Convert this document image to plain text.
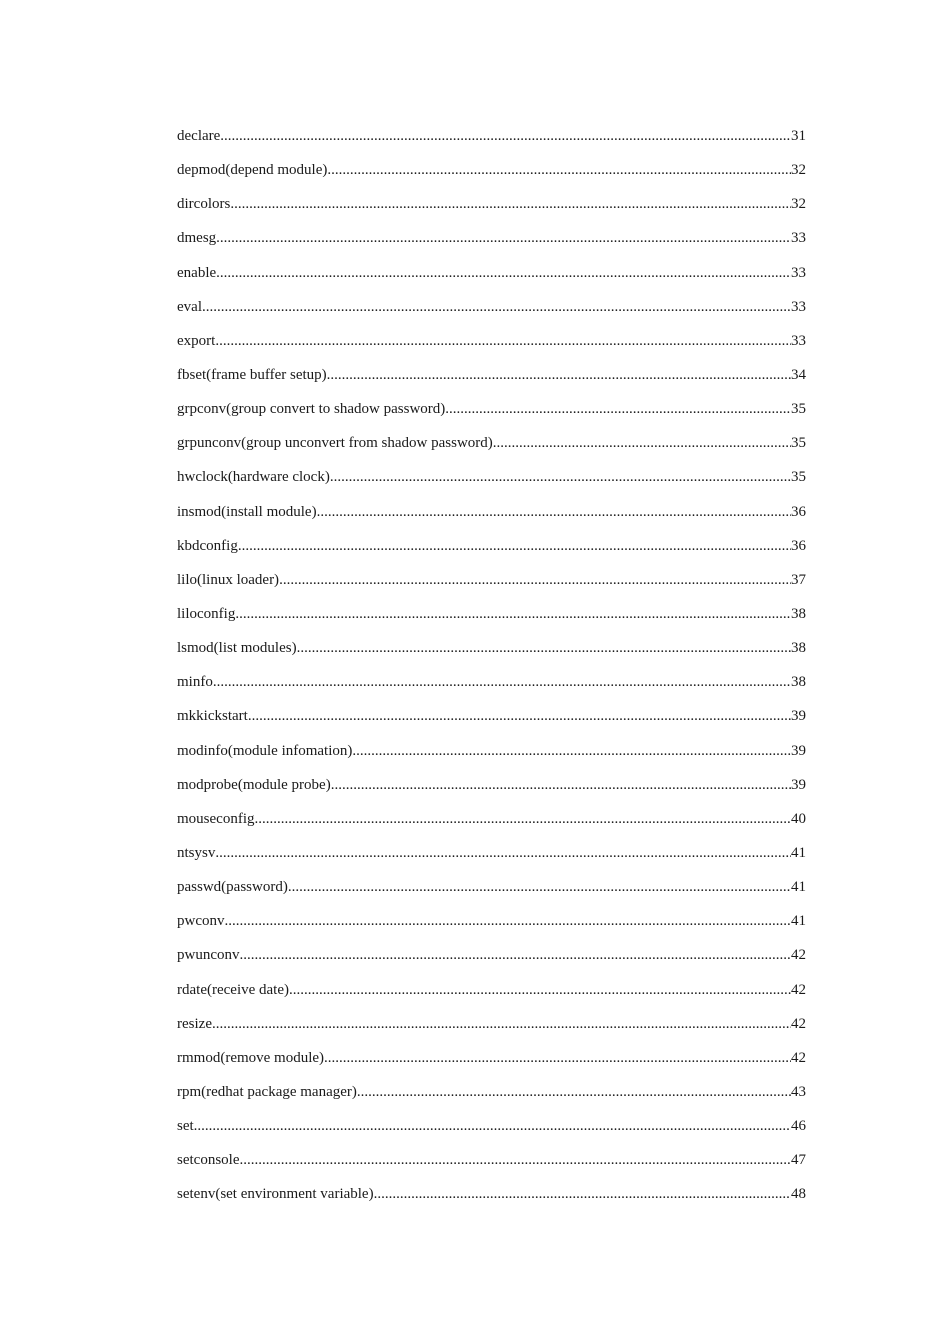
declare .....	31
depmod(depend module) .....	32
dircolors .....	32
dmesg .....	33
enable .....	33
eval .....	33
export .....	33
fbset(frame buffer setup) .....	34
grpconv(group convert to shadow password) .....	35
grpunconv(group unconvert from shadow password) .....	35
hwclock(hardware clock) .....	35
insmod(install module) .....	36
kbdconfig .....	36
lilo(linux loader) .....	37
liloconfig .....	38
lsmod(list modules) .....	38
minfo .....	38
mkkickstart .....	39
modinfo(module infomation) .....	39
modprobe(module probe) .....	39
mouseconfig .....	40
ntsysv .....	41
passwd(password) .....	41
pwconv .....	41
pwunconv .....	42
rdate(receive date) .....	42
resize .....	42
rmmod(remove module) .....	42
rpm(redhat package manager) .....	43
set .....	46
setconsole .....	47
setenv(set environment variable) .....	48
